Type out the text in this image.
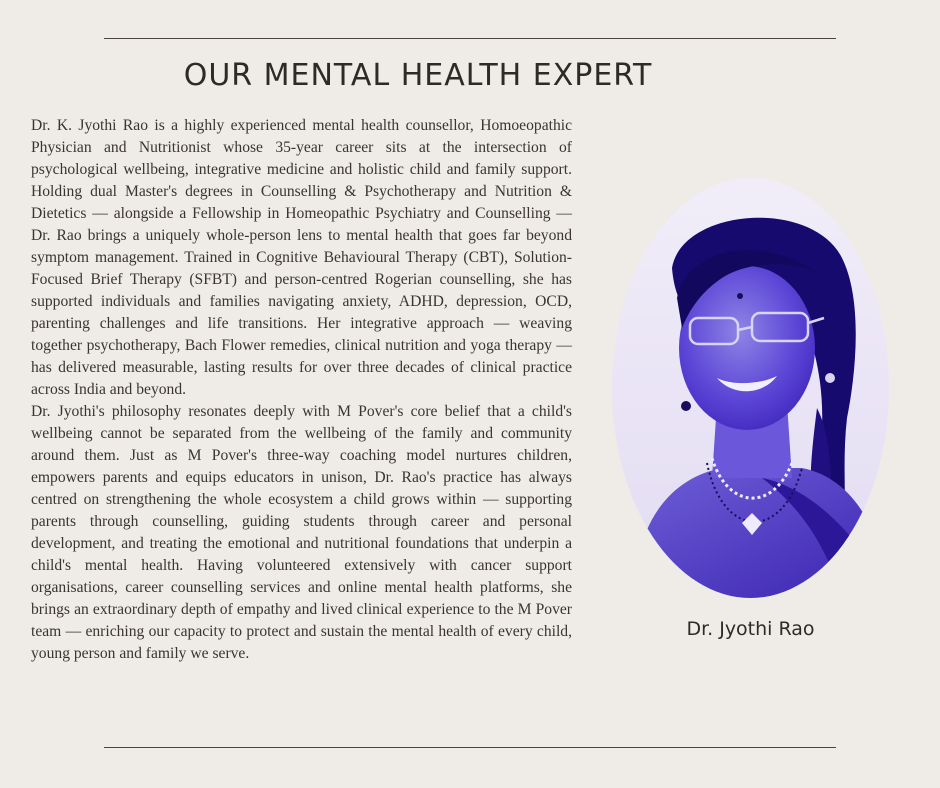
OUR MENTAL HEALTH EXPERT

Dr. K. Jyothi Rao is a highly experienced mental health counsellor, Homoeopathic Physician and Nutritionist whose 35-year career sits at the intersection of psychological wellbeing, integrative medicine and holistic child and family support. Holding dual Master's degrees in Counselling & Psychotherapy and Nutrition & Dietetics — alongside a Fellowship in Homeopathic Psychiatry and Counselling — Dr. Rao brings a uniquely whole-person lens to mental health that goes far beyond symptom management. Trained in Cognitive Behavioural Therapy (CBT), Solution-Focused Brief Therapy (SFBT) and person-centred Rogerian counselling, she has supported individuals and families navigating anxiety, ADHD, depression, OCD, parenting challenges and life transitions. Her integrative approach — weaving together psychotherapy, Bach Flower remedies, clinical nutrition and yoga therapy — has delivered measurable, lasting results for over three decades of clinical practice across India and beyond.

Dr. Jyothi's philosophy resonates deeply with M Pover's core belief that a child's wellbeing cannot be separated from the wellbeing of the family and community around them. Just as M Pover's three-way coaching model nurtures children, empowers parents and equips educators in unison, Dr. Rao's practice has always centred on strengthening the whole ecosystem a child grows within — supporting parents through counselling, guiding students through career and personal development, and treating the emotional and nutritional foundations that underpin a child's mental health. Having volunteered extensively with cancer support organisations, career counselling services and online mental health platforms, she brings an extraordinary depth of empathy and lived clinical experience to the M Pover team — enriching our capacity to protect and sustain the mental health of every child, young person and family we serve.

Dr. Jyothi Rao
